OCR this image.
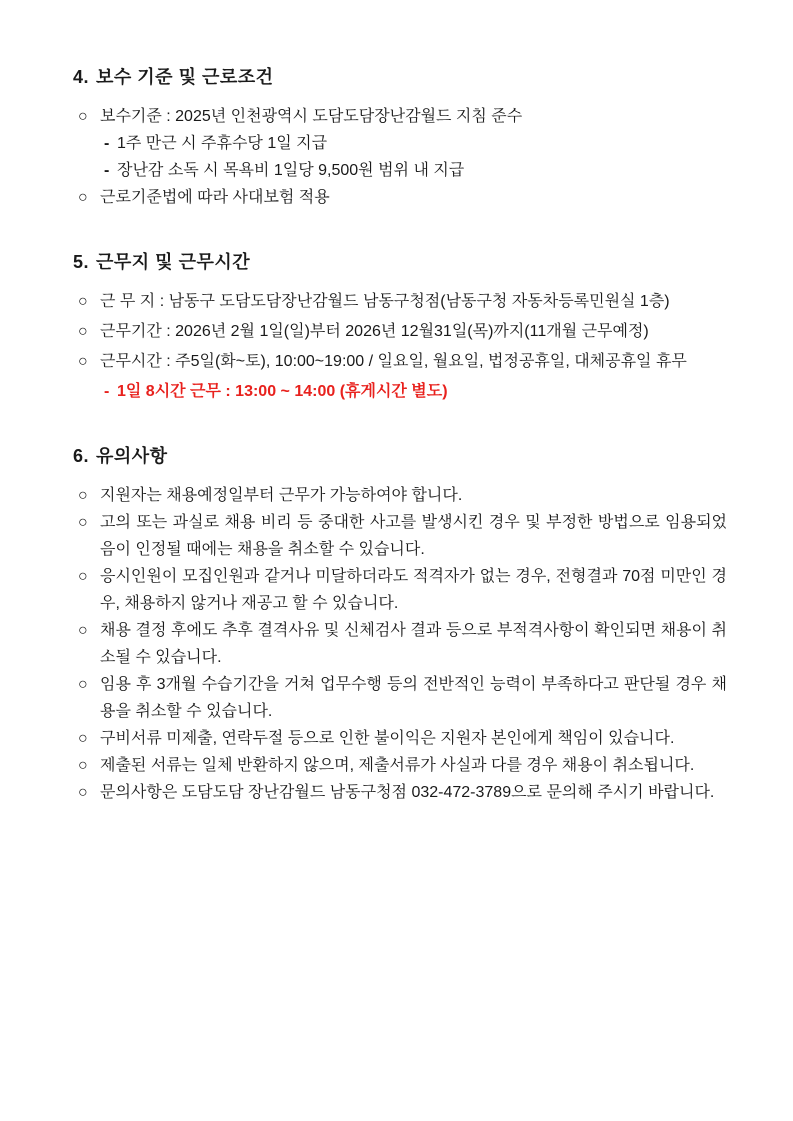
4. 보수 기준 및 근로조건
○ 보수기준 : 2025년 인천광역시 도담도담장난감월드 지침 준수
- 1주 만근 시 주휴수당 1일 지급
- 장난감 소독 시 목욕비 1일당 9,500원 범위 내 지급
○ 근로기준법에 따라 사대보험 적용
5. 근무지 및 근무시간
○ 근 무 지 : 남동구 도담도담장난감월드 남동구청점(남동구청 자동차등록민원실 1층)
○ 근무기간 : 2026년 2월 1일(일)부터 2026년 12월31일(목)까지(11개월 근무예정)
○ 근무시간 : 주5일(화~토), 10:00~19:00 / 일요일, 월요일, 법정공휴일, 대체공휴일 휴무
- 1일 8시간 근무 : 13:00 ~ 14:00 (휴게시간 별도)
6. 유의사항
○ 지원자는 채용예정일부터 근무가 가능하여야 합니다.
○ 고의 또는 과실로 채용 비리 등 중대한 사고를 발생시킨 경우 및 부정한 방법으로 임용되었음이 인정될 때에는 채용을 취소할 수 있습니다.
○ 응시인원이 모집인원과 같거나 미달하더라도 적격자가 없는 경우, 전형결과 70점 미만인 경우, 채용하지 않거나 재공고 할 수 있습니다.
○ 채용 결정 후에도 추후 결격사유 및 신체검사 결과 등으로 부적격사항이 확인되면 채용이 취소될 수 있습니다.
○ 임용 후 3개월 수습기간을 거쳐 업무수행 등의 전반적인 능력이 부족하다고 판단될 경우 채용을 취소할 수 있습니다.
○ 구비서류 미제출, 연락두절 등으로 인한 불이익은 지원자 본인에게 책임이 있습니다.
○ 제출된 서류는 일체 반환하지 않으며, 제출서류가 사실과 다를 경우 채용이 취소됩니다.
○ 문의사항은 도담도담 장난감월드 남동구청점 032-472-3789으로 문의해 주시기 바랍니다.
